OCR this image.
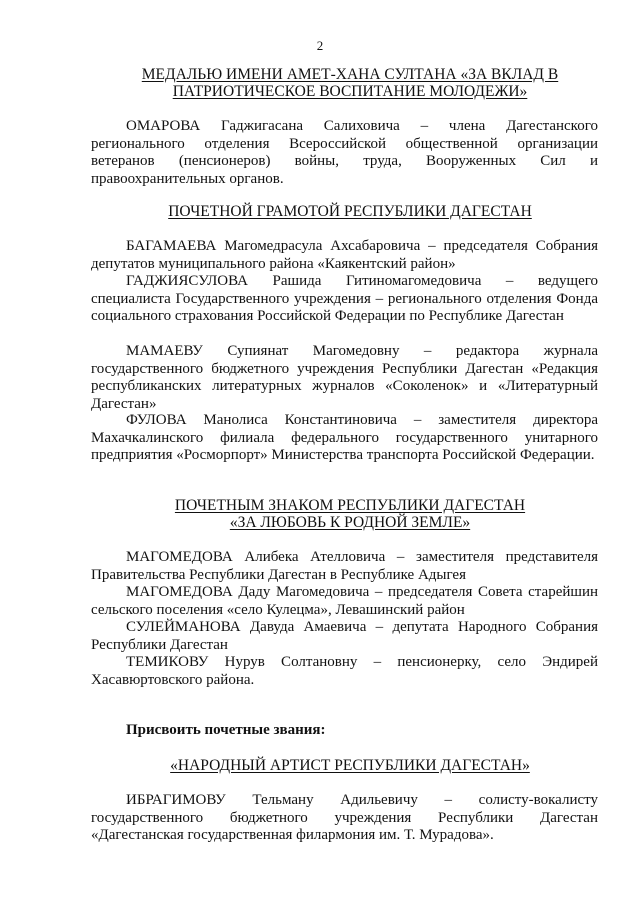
2
МЕДАЛЬЮ ИМЕНИ АМЕТ-ХАНА СУЛТАНА «ЗА ВКЛАД В
ПАТРИОТИЧЕСКОЕ ВОСПИТАНИЕ МОЛОДЕЖИ»
ОМАРОВА Гаджигасана Салиховича – члена Дагестанского регионального отделения Всероссийской общественной организации ветеранов (пенсионеров) войны, труда, Вооруженных Сил и правоохранительных органов.
ПОЧЕТНОЙ ГРАМОТОЙ РЕСПУБЛИКИ ДАГЕСТАН
БАГАМАЕВА Магомедрасула Ахсабаровича – председателя Собрания депутатов муниципального района «Каякентский район»
ГАДЖИЯСУЛОВА Рашида Гитиномагомедовича – ведущего специалиста Государственного учреждения – регионального отделения Фонда социального страхования Российской Федерации по Республике Дагестан
МАМАЕВУ Супиянат Магомедовну – редактора журнала государственного бюджетного учреждения Республики Дагестан «Редакция республиканских литературных журналов «Соколенок» и «Литературный Дагестан»
ФУЛОВА Манолиса Константиновича – заместителя директора Махачкалинского филиала федерального государственного унитарного предприятия «Росморпорт» Министерства транспорта Российской Федерации.
ПОЧЕТНЫМ ЗНАКОМ РЕСПУБЛИКИ ДАГЕСТАН
«ЗА ЛЮБОВЬ К РОДНОЙ ЗЕМЛЕ»
МАГОМЕДОВА Алибека Ателловича – заместителя представителя Правительства Республики Дагестан в Республике Адыгея
МАГОМЕДОВА Даду Магомедовича – председателя Совета старейшин сельского поселения «село Кулецма», Левашинский район
СУЛЕЙМАНОВА Давуда Амаевича – депутата Народного Собрания Республики Дагестан
ТЕМИКОВУ Нурув Солтановну – пенсионерку, село Эндирей Хасавюртовского района.
Присвоить почетные звания:
«НАРОДНЫЙ АРТИСТ РЕСПУБЛИКИ ДАГЕСТАН»
ИБРАГИМОВУ Тельману Адильевичу – солисту-вокалисту государственного бюджетного учреждения Республики Дагестан «Дагестанская государственная филармония им. Т. Мурадова».
